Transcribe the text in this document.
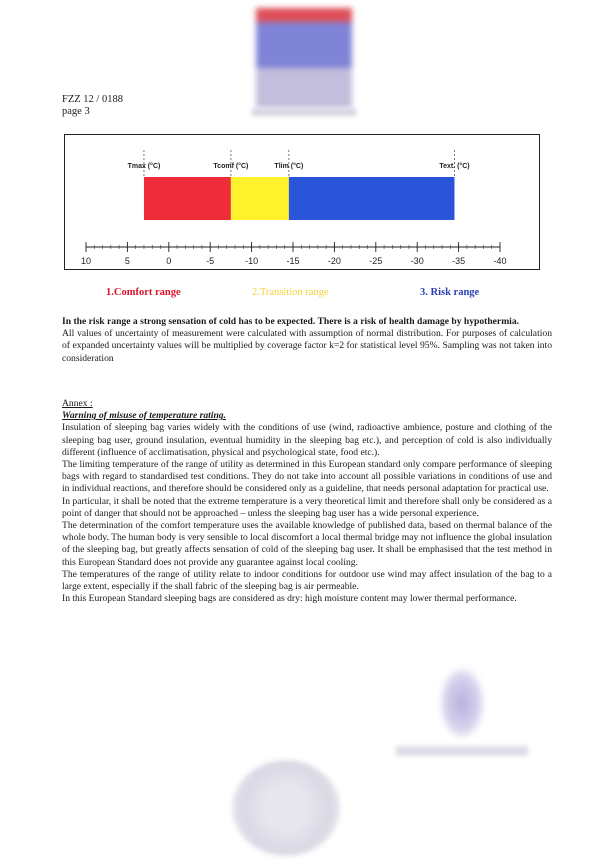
FZZ 12 / 0188
page 3
Tmax (°C)	Tcomf (°C)	Tlim (°C)	Text. (°C)
10	5	0	-5	-10	-15	-20	-25	-30	-35	-40
1.Comfort range	2.Transition range	3. Risk range

In the risk range a strong sensation of cold has to be expected. There is a risk of health damage by hypothermia.

All values of uncertainty of measurement were calculated with assumption of normal distribution. For purposes of calculation of expanded uncertainty values will be multiplied by coverage factor k=2 for statistical level 95%. Sampling was not taken into consideration

Annex :

Warning of misuse of temperature rating.

Insulation of sleeping bag varies widely with the conditions of use (wind, radioactive ambience, posture and clothing of the sleeping bag user, ground insulation, eventual humidity in the sleeping bag etc.), and perception of cold is also individually different (influence of acclimatisation, physical and psychological state, food etc.).

The limiting temperature of the range of utility as determined in this European standard only compare performance of sleeping bags with regard to standardised test conditions. They do not take into account all possible variations in conditions of use and in individual reactions, and therefore should be considered only as a guideline, that needs personal adaptation for practical use.

In particular, it shall be noted that the extreme temperature is a very theoretical limit and therefore shall only be considered as a point of danger that should not be approached – unless the sleeping bag user has a wide personal experience.

The determination of the comfort temperature uses the available knowledge of published data, based on thermal balance of the whole body. The human body is very sensible to local discomfort a local thermal bridge may not influence the global insulation of the sleeping bag, but greatly affects sensation of cold of the sleeping bag user. It shall be emphasised that the test method in this European Standard does not provide any guarantee against local cooling.

The temperatures of the range of utility relate to indoor conditions for outdoor use wind may affect insulation of the bag to a large extent, especially if the shall fabric of the sleeping bag is air permeable.

In this European Standard sleeping bags are considered as dry: high moisture content may lower thermal performance.
